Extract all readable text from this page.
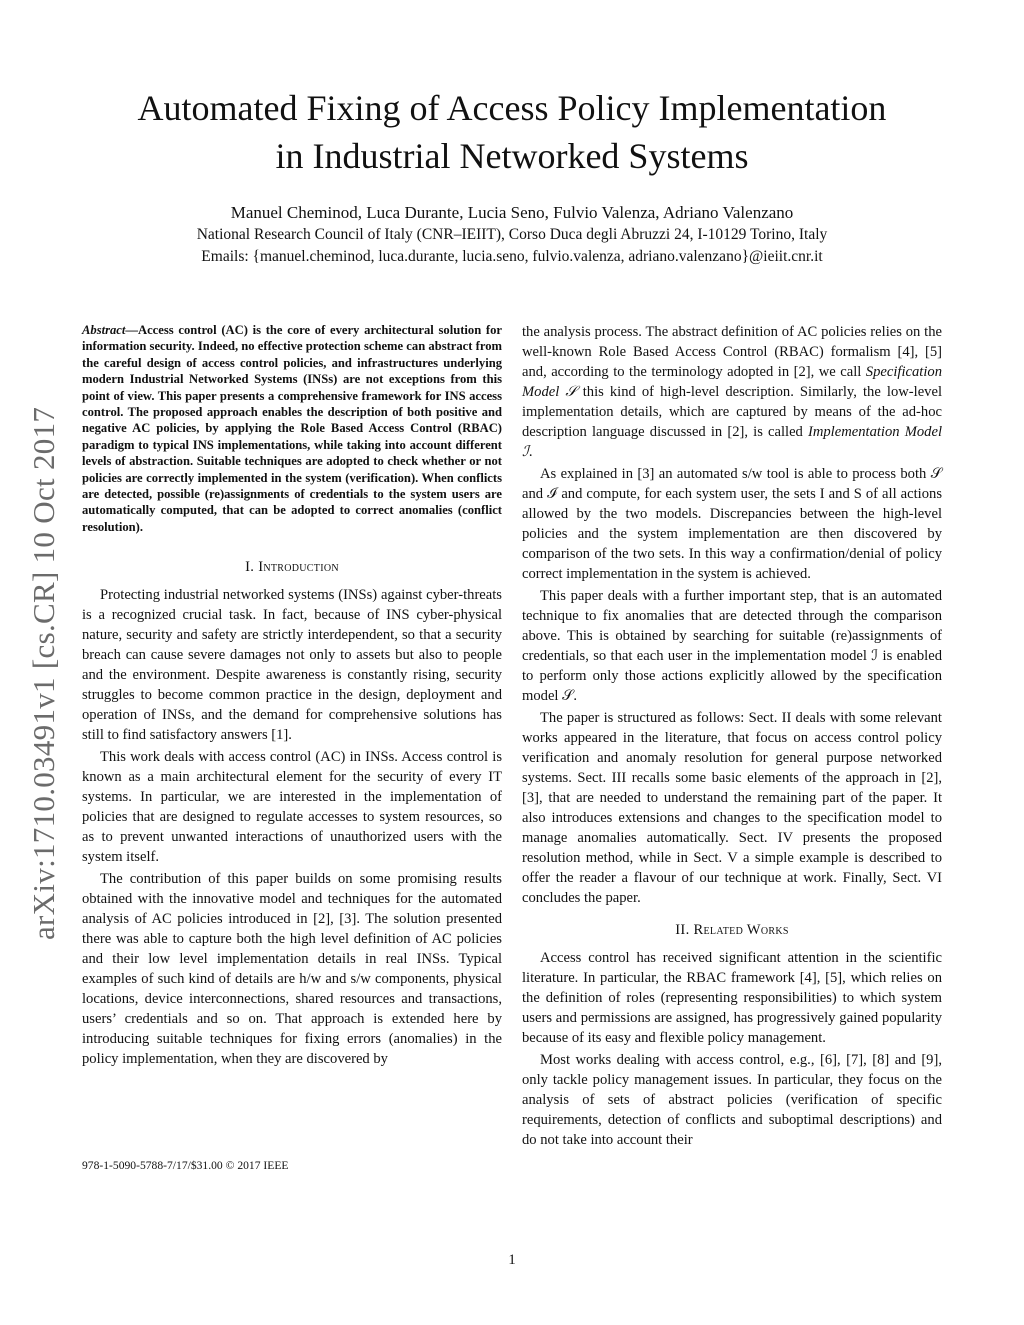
Automated Fixing of Access Policy Implementation
in Industrial Networked Systems
Manuel Cheminod, Luca Durante, Lucia Seno, Fulvio Valenza, Adriano Valenzano
National Research Council of Italy (CNR–IEIIT), Corso Duca degli Abruzzi 24, I-10129 Torino, Italy
Emails: {manuel.cheminod, luca.durante, lucia.seno, fulvio.valenza, adriano.valenzano}@ieiit.cnr.it
arXiv:1710.03491v1 [cs.CR] 10 Oct 2017
Abstract—Access control (AC) is the core of every architectural solution for information security. Indeed, no effective protection scheme can abstract from the careful design of access control policies, and infrastructures underlying modern Industrial Networked Systems (INSs) are not exceptions from this point of view. This paper presents a comprehensive framework for INS access control. The proposed approach enables the description of both positive and negative AC policies, by applying the Role Based Access Control (RBAC) paradigm to typical INS implementations, while taking into account different levels of abstraction. Suitable techniques are adopted to check whether or not policies are correctly implemented in the system (verification). When conflicts are detected, possible (re)assignments of credentials to the system users are automatically computed, that can be adopted to correct anomalies (conflict resolution).
I. Introduction

Protecting industrial networked systems (INSs) against cyber-threats is a recognized crucial task. In fact, because of INS cyber-physical nature, security and safety are strictly interdependent, so that a security breach can cause severe damages not only to assets but also to people and the environment. Despite awareness is constantly rising, security struggles to become common practice in the design, deployment and operation of INSs, and the demand for comprehensive solutions has still to find satisfactory answers [1].

This work deals with access control (AC) in INSs. Access control is known as a main architectural element for the security of every IT systems. In particular, we are interested in the implementation of policies that are designed to regulate accesses to system resources, so as to prevent unwanted interactions of unauthorized users with the system itself.

The contribution of this paper builds on some promising results obtained with the innovative model and techniques for the automated analysis of AC policies introduced in [2], [3]. The solution presented there was able to capture both the high level definition of AC policies and their low level implementation details in real INSs. Typical examples of such kind of details are h/w and s/w components, physical locations, device interconnections, shared resources and transactions, users’ credentials and so on. That approach is extended here by introducing suitable techniques for fixing errors (anomalies) in the policy implementation, when they are discovered by

978-1-5090-5788-7/17/$31.00 © 2017 IEEE

the analysis process. The abstract definition of AC policies relies on the well-known Role Based Access Control (RBAC) formalism [4], [5] and, according to the terminology adopted in [2], we call Specification Model 𝒮 this kind of high-level description. Similarly, the low-level implementation details, which are captured by means of the ad-hoc description language discussed in [2], is called Implementation Model ℐ.

As explained in [3] an automated s/w tool is able to process both 𝒮 and ℐ and compute, for each system user, the sets I and S of all actions allowed by the two models. Discrepancies between the high-level policies and the system implementation are then discovered by comparison of the two sets. In this way a confirmation/denial of policy correct implementation in the system is achieved.

This paper deals with a further important step, that is an automated technique to fix anomalies that are detected through the comparison above. This is obtained by searching for suitable (re)assignments of credentials, so that each user in the implementation model ℐ is enabled to perform only those actions explicitly allowed by the specification model 𝒮.

The paper is structured as follows: Sect. II deals with some relevant works appeared in the literature, that focus on access control policy verification and anomaly resolution for general purpose networked systems. Sect. III recalls some basic elements of the approach in [2], [3], that are needed to understand the remaining part of the paper. It also introduces extensions and changes to the specification model to manage anomalies automatically. Sect. IV presents the proposed resolution method, while in Sect. V a simple example is described to offer the reader a flavour of our technique at work. Finally, Sect. VI concludes the paper.

II. Related Works

Access control has received significant attention in the scientific literature. In particular, the RBAC framework [4], [5], which relies on the definition of roles (representing responsibilities) to which system users and permissions are assigned, has progressively gained popularity because of its easy and flexible policy management.

Most works dealing with access control, e.g., [6], [7], [8] and [9], only tackle policy management issues. In particular, they focus on the analysis of sets of abstract policies (verification of specific requirements, detection of conflicts and suboptimal descriptions) and do not take into account their

1
